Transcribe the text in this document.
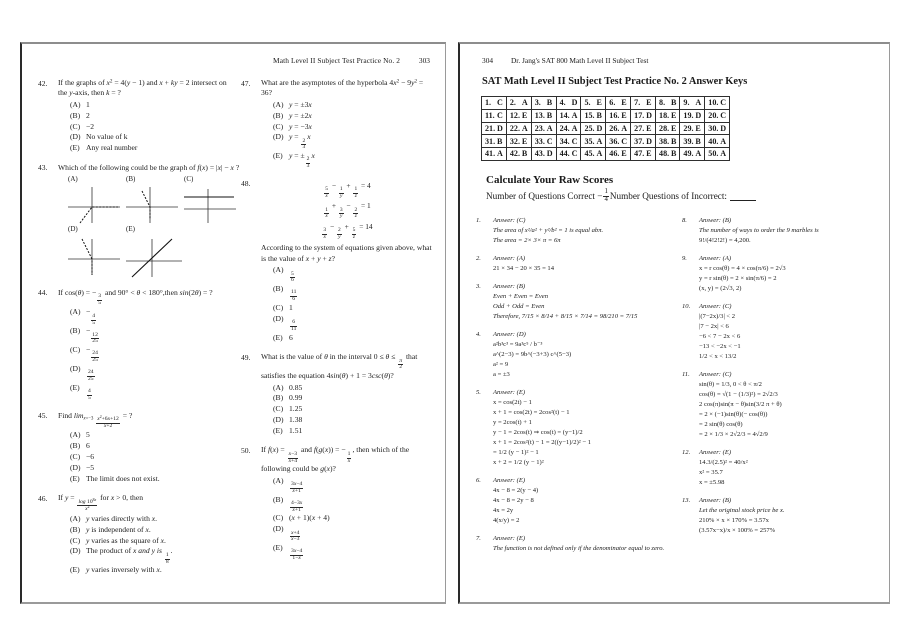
Math Level II Subject Test Practice No. 2	303
42.	If the graphs of $x^2 = 4(y - 1)$ and x + ky = 2 intersect on the y-axis, then k = ?

(A) 1
(B) 2
(C) −2
(D) No value of k
(E) Any real number
43.	Which of the following could be the graph of f(x) = |x| − x ?

(A)	(B)	(C)
(D)	(E)
44.	If cos(θ) = −
$\frac{3}{5}$
and 90° < θ < 180°,then sin(2θ) = ?

(A) −
$\frac{4}{5}$
(B) −
$\frac{12}{25}$
(C) −
$\frac{24}{25}$
(D)
$\frac{24}{25}$
(E)
$\frac{4}{5}$
45.	Find $\lim_{x=-3} \frac{x^2+6x+12}{x+2}$
= ?

(A) 5
(B) 6
(C) −6
(D) −5
(E) The limit does not exist.
46.	If y =
$\frac{\log 10^{8x}}{x^2}$
for x > 0, then

(A) y varies directly with x.
(B) y is independent of x.
(C) y varies as the square of x.
(D) The product of x and y is
$\frac{1}{8}$
.
(E) y varies inversely with x.
47.	What are the asymptotes of the hyperbola $4x^2 - 9y^2 = 36$?

(A) y = ±3x
(B) y = ±2x
(C) y = −3x
(D) y =
$\frac{2}{3}$
x
(E) y = ±
$\frac{2}{3}$
x
48.
$\frac{5}{x}$
−
$\frac{1}{y}$
+
$\frac{1}{z}$
= 4
$\frac{1}{x}$
+
$\frac{3}{y}$
−
$\frac{2}{z}$
= 1
$\frac{3}{x}$
−
$\frac{2}{y}$
+
$\frac{5}{z}$
= 14

According to the system of equations given above, what is the value of x + y + z?

(A)
$\frac{5}{6}$
(B)
$\frac{11}{6}$
(C) 1
(D)
$\frac{6}{11}$
(E) 6
49.	What is the value of θ in the interval 0 ≤ θ ≤
$\frac{\pi}{2}$
that satisfies the equation 4sin(θ) + 1 = 3csc(θ)?

(A) 0.85
(B) 0.99
(C) 1.25
(D) 1.38
(E) 1.51
50.	If f(x) =
$\frac{x-3}{x+4}$
and f(g(x)) = −
$\frac{1}{x}$
, then which of the following could be g(x)?

(A)
$\frac{3x-4}{x+1}$
(B)
$\frac{4-3x}{x+1}$
(C) (x + 1)(x + 4)
(D)
$\frac{x+4}{x-3}$
(E)
$\frac{3x-4}{1-x}$
304 Dr. Jang's SAT 800 Math Level II Subject Test
SAT Math Level II Subject Test Practice No. 2 Answer Keys
1. C	2. A	3. B	4. D	5. E	6. E	7. E	8. B	9. A	10. C
11. C	12. E	13. B	14. A	15. B	16. E	17. D	18. E	19. D	20. C
21. D	22. A	23. A	24. A	25. D	26. A	27. E	28. E	29. E	30. D
31. B	32. E	33. C	34. C	35. A	36. C	37. D	38. B	39. B	40. A
41. A	42. B	43. D	44. C	45. A	46. E	47. E	48. B	49. A	50. A
Calculate Your Raw Scores
Number of Questions Correct − $\frac{1}{4}$ Number Questions of Incorrect:
1.	Answer: (C)
The area of x²/a² + y²/b² = 1 is equal abπ.
The area = 2× 3× π = 6π
2.	Answer: (A)
21 × 34 − 20 × 35 = 14
3.	Answer: (B)
Even + Even = Even
Odd + Odd = Even
Therefore, 7/15 × 8/14 + 8/15 × 7/14 = 98/210 = 7/15
4.	Answer: (D)
a²b³c³ = 9a³c⁵ / b⁻³
a^(2−3) = 9b^(−3+3) c^(5−3)
a² = 9
a = ±3
5.	Answer: (E)
x = cos(2t) − 1
x + 1 = cos(2t) = 2cos²(t) − 1
y = 2cos(t) + 1
y − 1 = 2cos(t) ⇒ cos(t) = (y−1)/2
x + 1 = 2cos²(t) − 1 = 2((y−1)/2)² − 1
= 1/2 (y − 1)² − 1
x + 2 = 1/2 (y − 1)²
6.	Answer: (E)
4x − 8 = 2(y − 4)
4x − 8 = 2y − 8
4x = 2y
4(x/y) = 2
7.	Answer: (E)
The function is not defined only if the denominator equal to zero.
8.	Answer: (B)
The number of ways to order the 9 marbles is
9!/(4!2!2!) = 4,200.
9.	Answer: (A)
x = r cos(θ) = 4 × cos(π/6) = 2√3
y = r sin(θ) = 2 × sin(π/6) = 2
(x, y) = (2√3, 2)
10.	Answer: (C)
|(7−2x)/3| < 2
|7 − 2x| < 6
−6 < 7 − 2x < 6
−13 < −2x < −1
1/2 < x < 13/2
11.	Answer: (C)
sin(θ) = 1/3, 0 < θ < π/2
cos(θ) = √(1 − (1/3)²) = 2√2/3
2 cos(π)sin(π − θ)sin(3/2 π + θ)
= 2 × (−1)sin(θ)(− cos(θ))
= 2 sin(θ) cos(θ)
= 2 × 1/3 × 2√2/3 = 4√2/9
12.	Answer: (E)
14.3/(2.5)² = 40/x²
x² = 35.7
x = ±5.98
13.	Answer: (B)
Let the original stock price be x.
210% × x × 170% = 3.57x
(3.57x−x)/x × 100% = 257%
